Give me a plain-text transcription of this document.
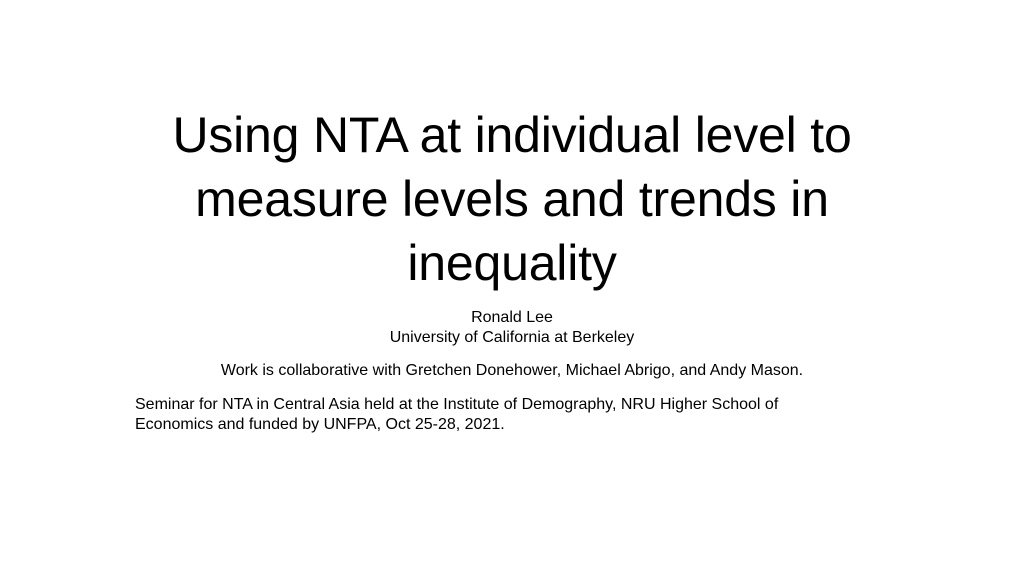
Using NTA at individual level to
measure levels and trends in
inequality
Ronald Lee
University of California at Berkeley
Work is collaborative with Gretchen Donehower, Michael Abrigo, and Andy Mason.
Seminar for NTA in Central Asia held at the Institute of Demography, NRU Higher School of
Economics and funded by UNFPA, Oct 25-28, 2021.
